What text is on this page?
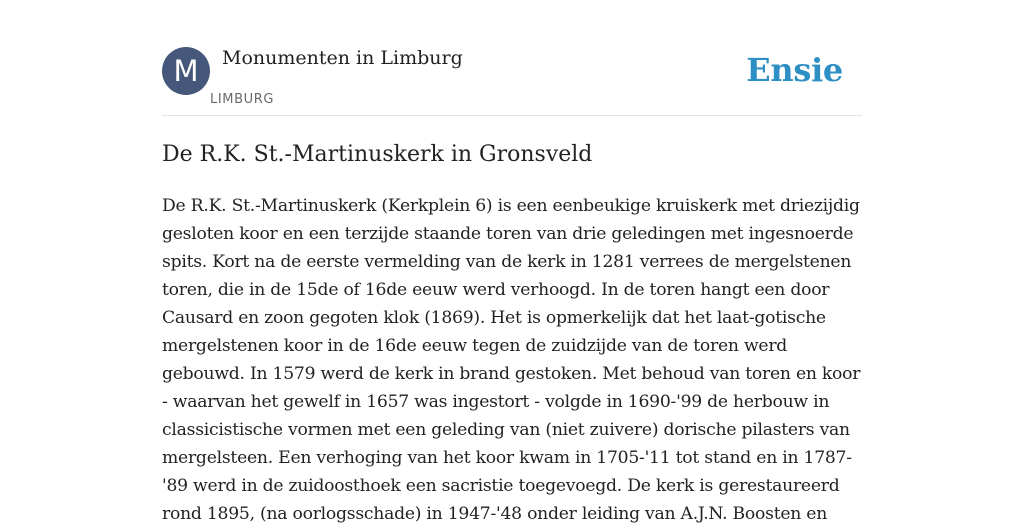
M	Monumenten in Limburg
LIMBURG
Ensie
De R.K. St.-Martinuskerk in Gronsveld

De R.K. St.-Martinuskerk (Kerkplein 6) is een eenbeukige kruiskerk met driezijdig gesloten koor en een terzijde staande toren van drie geledingen met ingesnoerde spits. Kort na de eerste vermelding van de kerk in 1281 verrees de mergelstenen toren, die in de 15de of 16de eeuw werd verhoogd. In de toren hangt een door Causard en zoon gegoten klok (1869). Het is opmerkelijk dat het laat-gotische mergelstenen koor in de 16de eeuw tegen de zuidzijde van de toren werd gebouwd. In 1579 werd de kerk in brand gestoken. Met behoud van toren en koor - waarvan het gewelf in 1657 was ingestort - volgde in 1690-'99 de herbouw in classicistische vormen met een geleding van (niet zuivere) dorische pilasters van mergelsteen. Een verhoging van het koor kwam in 1705-'11 tot stand en in 1787-'89 werd in de zuidoosthoek een sacristie toegevoegd. De kerk is gerestaureerd rond 1895, (na oorlogsschade) in 1947-'48 onder leiding van A.J.N. Boosten en
